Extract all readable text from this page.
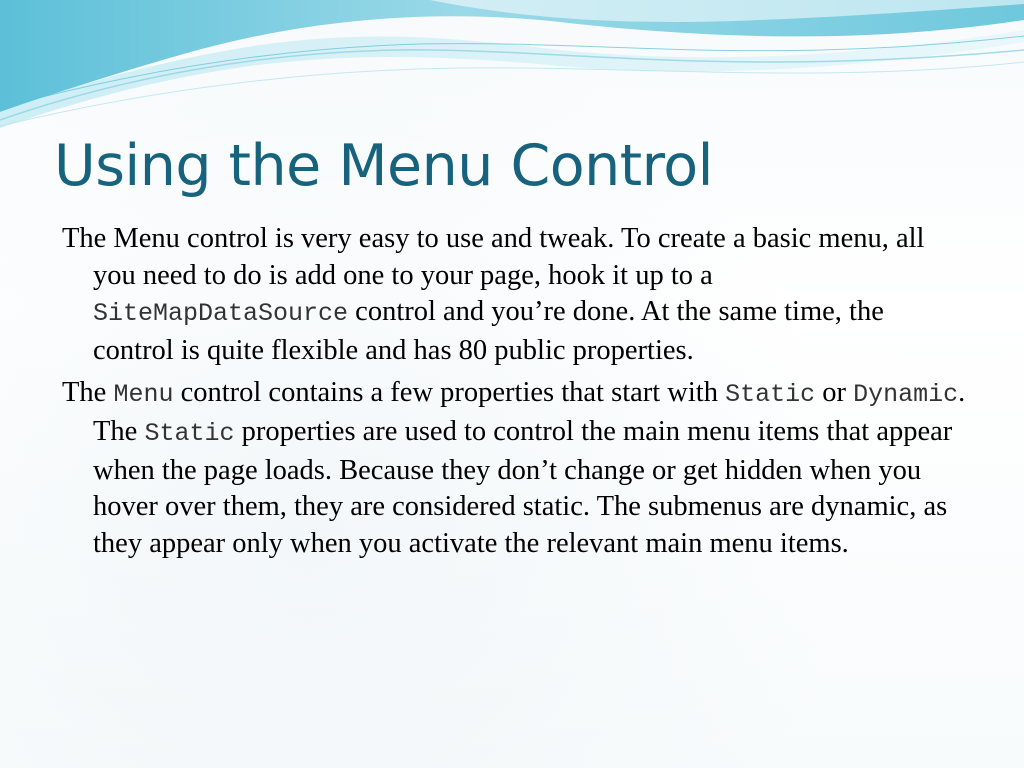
Using the Menu Control

The Menu control is very easy to use and tweak. To create a basic menu, all you need to do is add one to your page, hook it up to a SiteMapDataSource control and you’re done. At the same time, the control is quite flexible and has 80 public properties.

The Menu control contains a few properties that start with Static or Dynamic. The Static properties are used to control the main menu items that appear when the page loads. Because they don’t change or get hidden when you hover over them, they are considered static. The submenus are dynamic, as they appear only when you activate the relevant main menu items.
